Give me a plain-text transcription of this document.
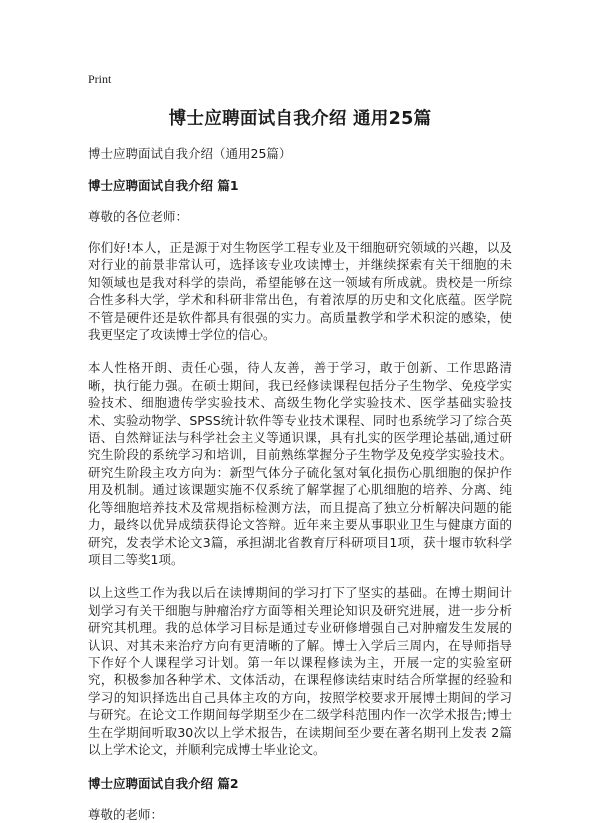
Print
博士应聘面试自我介绍 通用25篇
博士应聘面试自我介绍（通用25篇）
博士应聘面试自我介绍 篇1
尊敬的各位老师：

你们好!本人，正是源于对生物医学工程专业及干细胞研究领域的兴趣，以及对行业的前景非常认可，选择该专业攻读博士，并继续探索有关干细胞的未知领域也是我对科学的崇尚，希望能够在这一领域有所成就。贵校是一所综合性多科大学，学术和科研非常出色，有着浓厚的历史和文化底蕴。医学院不管是硬件还是软件都具有很强的实力。高质量教学和学术积淀的感染，使我更坚定了攻读博士学位的信心。

本人性格开朗、责任心强，待人友善，善于学习，敢于创新、工作思路清晰，执行能力强。在硕士期间，我已经修读课程包括分子生物学、免疫学实验技术、细胞遗传学实验技术、高级生物化学实验技术、医学基础实验技术、实验动物学、SPSS统计软件等专业技术课程、同时也系统学习了综合英语、自然辩证法与科学社会主义等通识课，具有扎实的医学理论基础,通过研究生阶段的系统学习和培训，目前熟练掌握分子生物学及免疫学实验技术。研究生阶段主攻方向为：新型气体分子硫化氢对氧化损伤心肌细胞的保护作用及机制。通过该课题实施不仅系统了解掌握了心肌细胞的培养、分离、纯化等细胞培养技术及常规指标检测方法，而且提高了独立分析解决问题的能力，最终以优异成绩获得论文答辩。近年来主要从事职业卫生与健康方面的研究，发表学术论文3篇，承担湖北省教育厅科研项目1项，获十堰市软科学项目二等奖1项。

以上这些工作为我以后在读博期间的学习打下了坚实的基础。在博士期间计划学习有关干细胞与肿瘤治疗方面等相关理论知识及研究进展，进一步分析研究其机理。我的总体学习目标是通过专业研修增强自己对肿瘤发生发展的认识、对其未来治疗方向有更清晰的了解。博士入学后三周内，在导师指导下作好个人课程学习计划。第一年以课程修读为主，开展一定的实验室研究，积极参加各种学术、文体活动，在课程修读结束时结合所掌握的经验和学习的知识择选出自己具体主攻的方向，按照学校要求开展博士期间的学习与研究。在论文工作期间每学期至少在二级学科范围内作一次学术报告;博士生在学期间听取30次以上学术报告，在读期间至少要在著名期刊上发表 2篇以上学术论文，并顺利完成博士毕业论文。

博士应聘面试自我介绍 篇2
尊敬的老师：
